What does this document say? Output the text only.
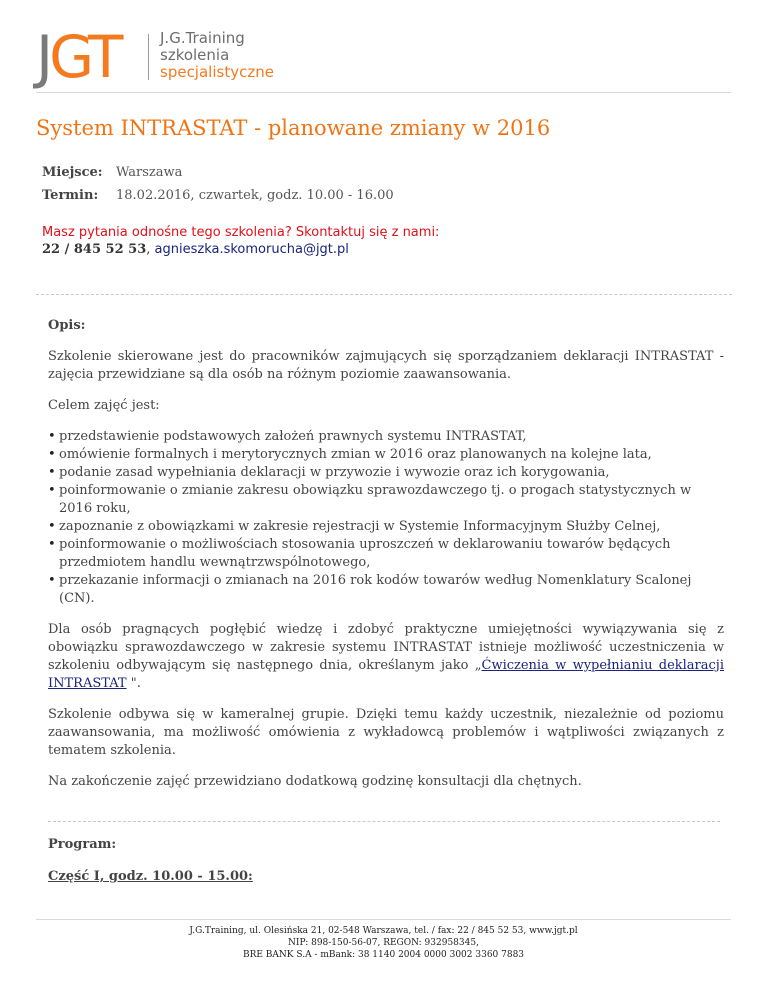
JGT	J.G.Training
szkolenia
specjalistyczne
System INTRASTAT - planowane zmiany w 2016
Miejsce: Warszawa
Termin: 18.02.2016, czwartek, godz. 10.00 - 16.00
Masz pytania odnośne tego szkolenia? Skontaktuj się z nami:
22 / 845 52 53, agnieszka.skomorucha@jgt.pl
Opis:

Szkolenie skierowane jest do pracowników zajmujących się sporządzaniem deklaracji INTRASTAT - zajęcia przewidziane są dla osób na różnym poziomie zaawansowania.

Celem zajęć jest:

• przedstawienie podstawowych założeń prawnych systemu INTRASTAT,
• omówienie formalnych i merytorycznych zmian w 2016 oraz planowanych na kolejne lata,
• podanie zasad wypełniania deklaracji w przywozie i wywozie oraz ich korygowania,
• poinformowanie o zmianie zakresu obowiązku sprawozdawczego tj. o progach statystycznych w 2016 roku,
• zapoznanie z obowiązkami w zakresie rejestracji w Systemie Informacyjnym Służby Celnej,
• poinformowanie o możliwościach stosowania uproszczeń w deklarowaniu towarów będących przedmiotem handlu wewnątrzwspólnotowego,
• przekazanie informacji o zmianach na 2016 rok kodów towarów według Nomenklatury Scalonej (CN).

Dla osób pragnących pogłębić wiedzę i zdobyć praktyczne umiejętności wywiązywania się z obowiązku sprawozdawczego w zakresie systemu INTRASTAT istnieje możliwość uczestniczenia w szkoleniu odbywającym się następnego dnia, określanym jako „Ćwiczenia w wypełnianiu deklaracji INTRASTAT ".

Szkolenie odbywa się w kameralnej grupie. Dzięki temu każdy uczestnik, niezależnie od poziomu zaawansowania, ma możliwość omówienia z wykładowcą problemów i wątpliwości związanych z tematem szkolenia.

Na zakończenie zajęć przewidziano dodatkową godzinę konsultacji dla chętnych.

Program:
Część I, godz. 10.00 - 15.00:
J.G.Training, ul. Olesińska 21, 02-548 Warszawa, tel. / fax: 22 / 845 52 53, www.jgt.pl
NIP: 898-150-56-07, REGON: 932958345,
BRE BANK S.A - mBank: 38 1140 2004 0000 3002 3360 7883
